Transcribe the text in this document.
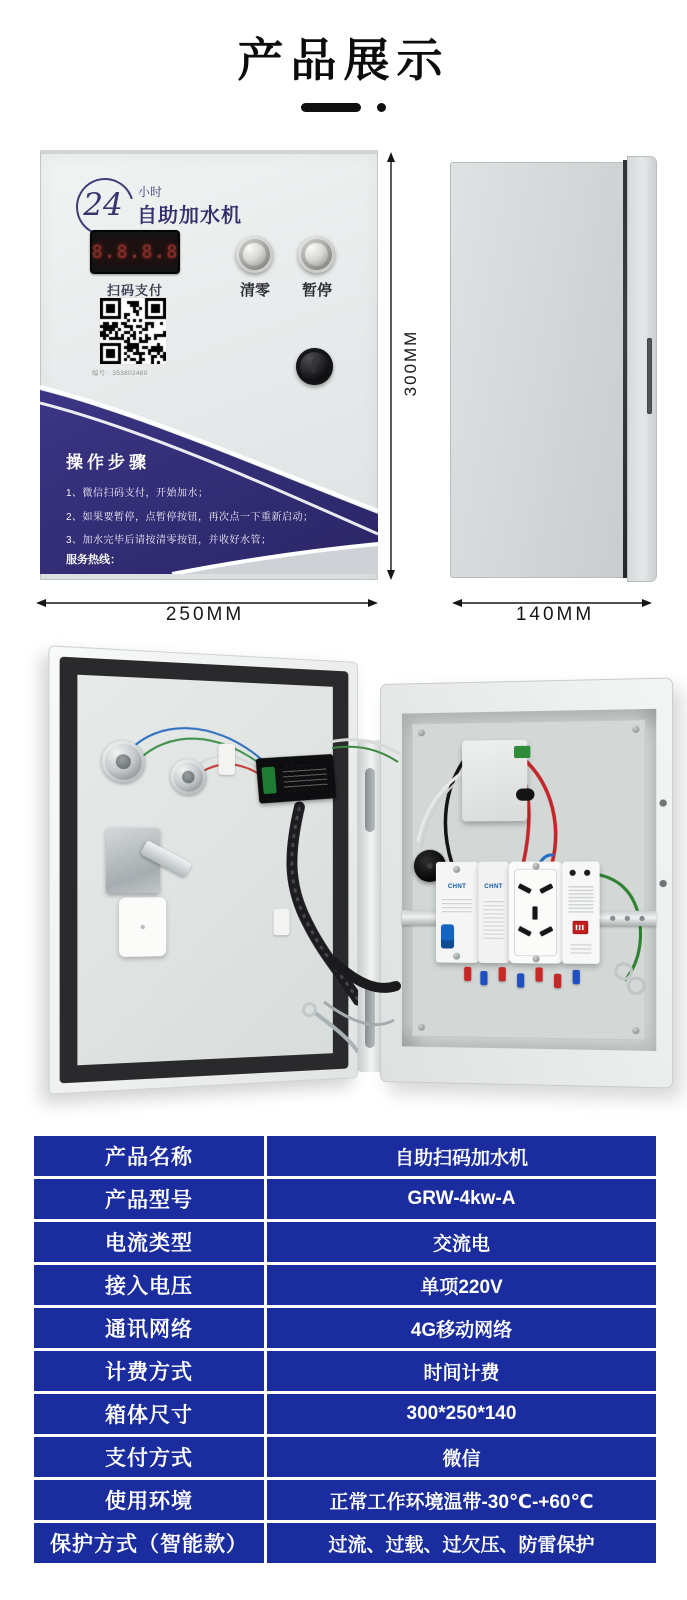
产品展示
24	小时
自助加水机
8.8.8.8
清零	暂停
扫码支付
编号：353802480
操作步骤
服务热线：
1、微信扫码支付，开始加水；
2、如果要暂停，点暂停按钮，再次点一下重新启动；
3、加水完毕后请按清零按钮，并收好水管；
300MM
250MM	140MM
CHNT	CHNT
产品名称	自助扫码加水机
产品型号	GRW-4kw-A
电流类型	交流电
接入电压	单项220V
通讯网络	4G移动网络
计费方式	时间计费
箱体尺寸	300*250*140
支付方式	微信
使用环境	正常工作环境温带-30℃-+60℃
保护方式（智能款）	过流、过载、过欠压、防雷保护
